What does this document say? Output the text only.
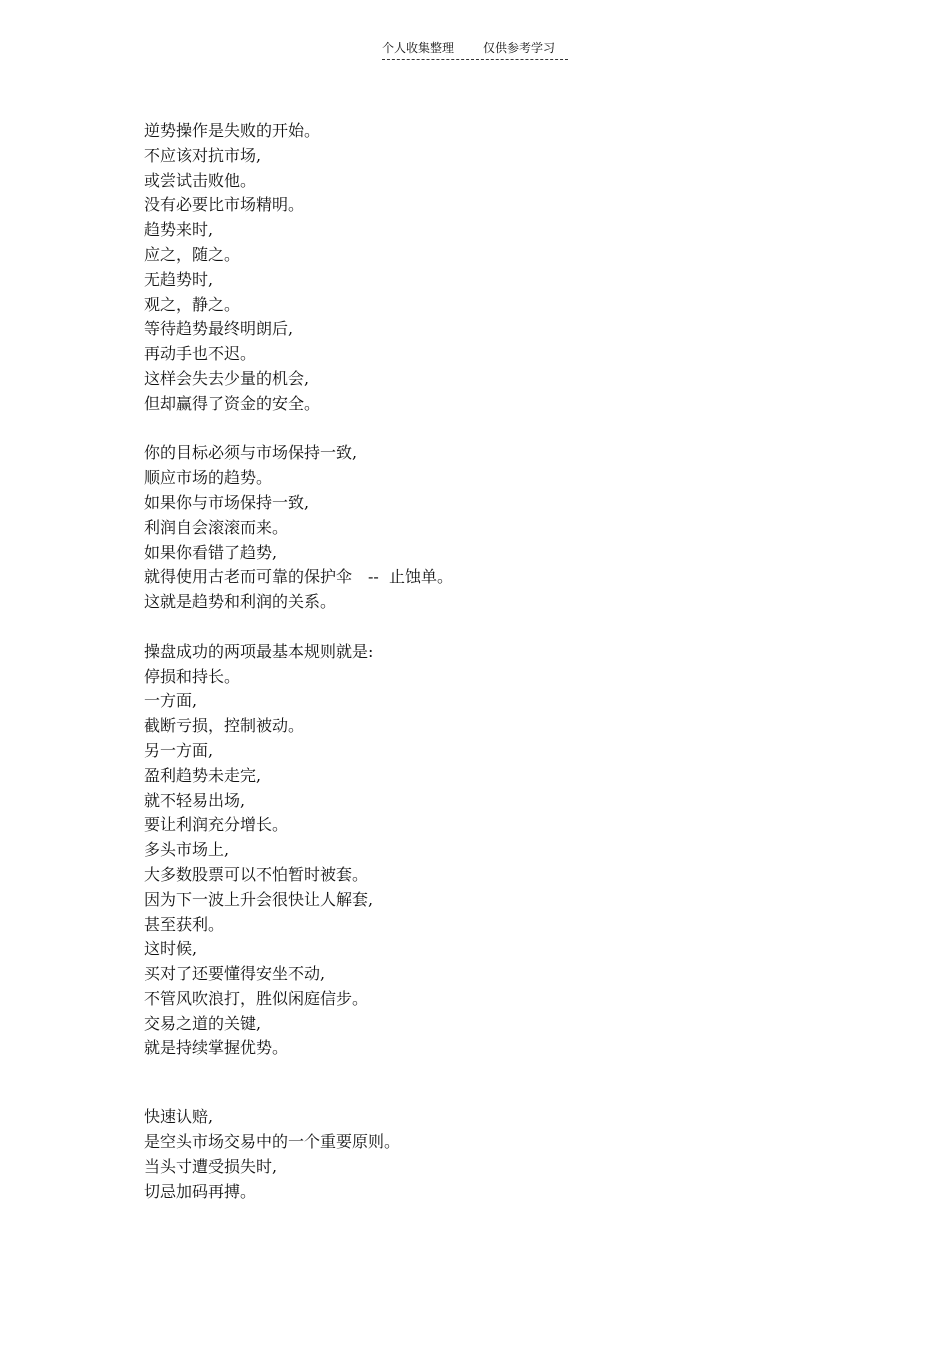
个人收集整理 仅供参考学习
逆势操作是失败的开始。
不应该对抗市场,
或尝试击败他。
没有必要比市场精明。
趋势来时,
应之，随之。
无趋势时,
观之，静之。
等待趋势最终明朗后,
再动手也不迟。
这样会失去少量的机会,
但却赢得了资金的安全。
你的目标必须与市场保持一致,
顺应市场的趋势。
如果你与市场保持一致,
利润自会滚滚而来。
如果你看错了趋势,
就得使用古老而可靠的保护伞　--  止蚀单。
这就是趋势和利润的关系。
操盘成功的两项最基本规则就是:
停损和持长。
一方面,
截断亏损，控制被动。
另一方面,
盈利趋势未走完,
就不轻易出场,
要让利润充分增长。
多头市场上,
大多数股票可以不怕暂时被套。
因为下一波上升会很快让人解套,
甚至获利。
这时候,
买对了还要懂得安坐不动,
不管风吹浪打，胜似闲庭信步。
交易之道的关键,
就是持续掌握优势。
快速认赔,
是空头市场交易中的一个重要原则。
当头寸遭受损失时,
切忌加码再搏。
